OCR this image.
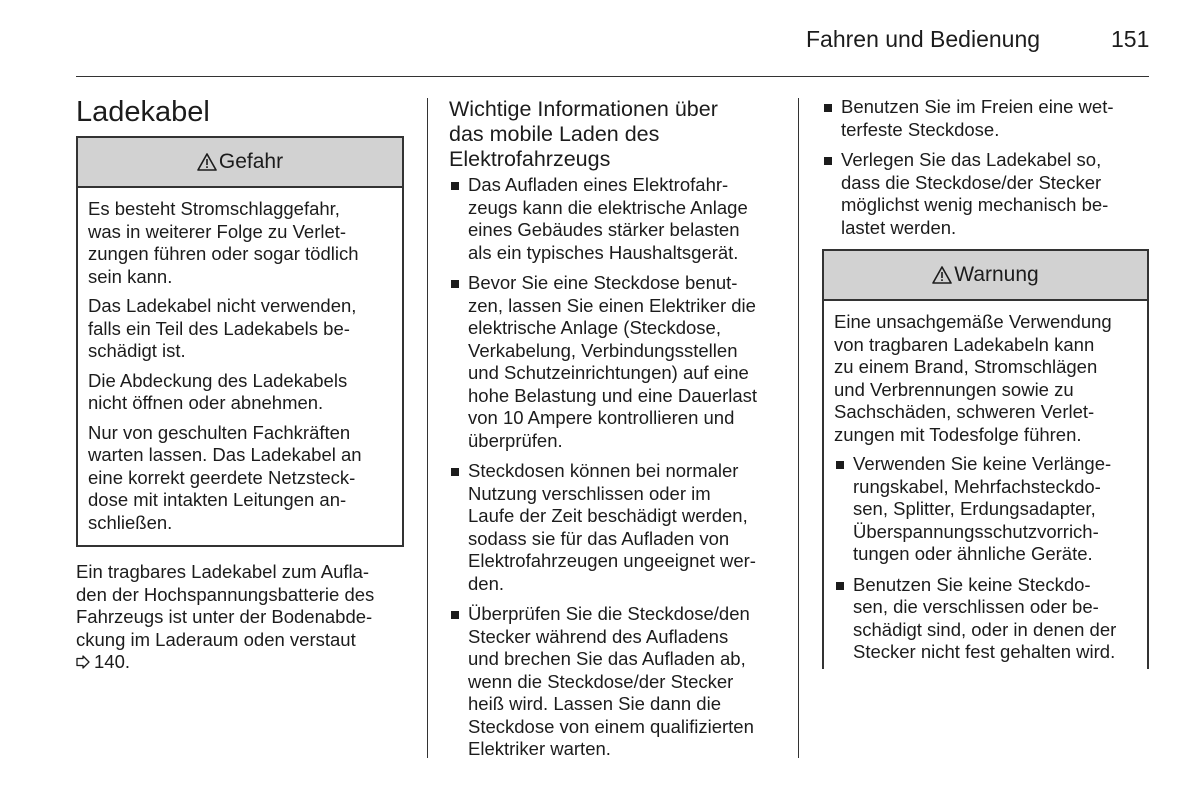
Fahren und Bedienung	151
Ladekabel
Gefahr

Es besteht Stromschlaggefahr,
was in weiterer Folge zu Verlet-
zungen führen oder sogar tödlich
sein kann.

Das Ladekabel nicht verwenden,
falls ein Teil des Ladekabels be-
schädigt ist.

Die Abdeckung des Ladekabels
nicht öffnen oder abnehmen.

Nur von geschulten Fachkräften
warten lassen. Das Ladekabel an
eine korrekt geerdete Netzsteck-
dose mit intakten Leitungen an-
schließen.

Ein tragbares Ladekabel zum Aufla-
den der Hochspannungsbatterie des
Fahrzeugs ist unter der Bodenabde-
ckung im Laderaum oden verstaut

140.
Wichtige Informationen über
das mobile Laden des
Elektrofahrzeugs
Das Aufladen eines Elektrofahr-
zeugs kann die elektrische Anlage
eines Gebäudes stärker belasten
als ein typisches Haushaltsgerät.
Bevor Sie eine Steckdose benut-
zen, lassen Sie einen Elektriker die
elektrische Anlage (Steckdose,
Verkabelung, Verbindungsstellen
und Schutzeinrichtungen) auf eine
hohe Belastung und eine Dauerlast
von 10 Ampere kontrollieren und
überprüfen.
Steckdosen können bei normaler
Nutzung verschlissen oder im
Laufe der Zeit beschädigt werden,
sodass sie für das Aufladen von
Elektrofahrzeugen ungeeignet wer-
den.
Überprüfen Sie die Steckdose/den
Stecker während des Aufladens
und brechen Sie das Aufladen ab,
wenn die Steckdose/der Stecker
heiß wird. Lassen Sie dann die
Steckdose von einem qualifizierten
Elektriker warten.
Benutzen Sie im Freien eine wet-
terfeste Steckdose.
Verlegen Sie das Ladekabel so,
dass die Steckdose/der Stecker
möglichst wenig mechanisch be-
lastet werden.
Warnung

Eine unsachgemäße Verwendung
von tragbaren Ladekabeln kann
zu einem Brand, Stromschlägen
und Verbrennungen sowie zu
Sachschäden, schweren Verlet-
zungen mit Todesfolge führen.

Verwenden Sie keine Verlänge-
rungskabel, Mehrfachsteckdo-
sen, Splitter, Erdungsadapter,
Überspannungsschutzvorrich-
tungen oder ähnliche Geräte.
Benutzen Sie keine Steckdo-
sen, die verschlissen oder be-
schädigt sind, oder in denen der
Stecker nicht fest gehalten wird.
